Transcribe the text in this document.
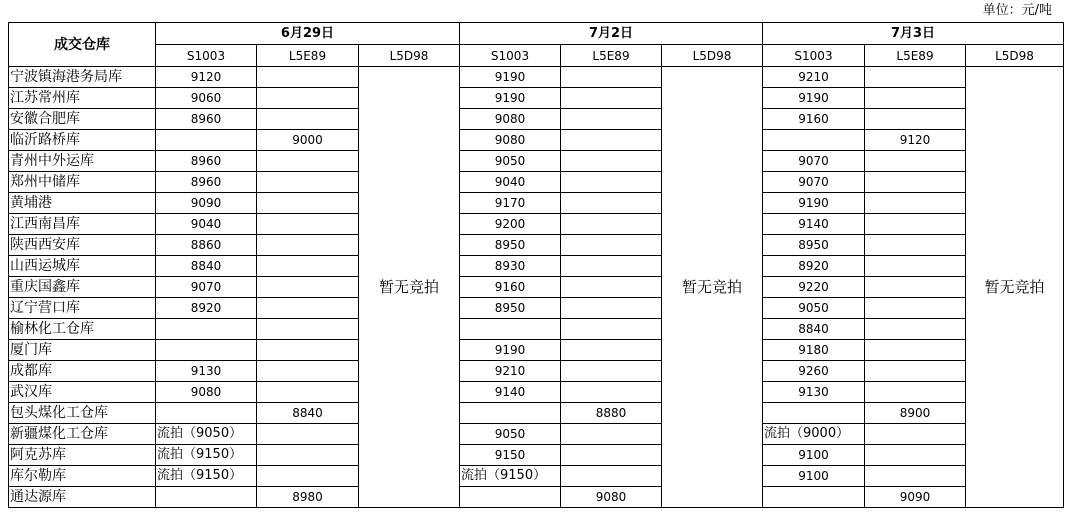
单位：元/吨
成交仓库	6月29日			7月2日			7月3日		
	S1003	L5E89	L5D98	S1003	L5E89	L5D98	S1003	L5E89	L5D98
宁波镇海港务局库	9120		暂无竞拍	9190		暂无竞拍	9210		暂无竞拍
江苏常州库	9060			9190			9190		
安徽合肥库	8960			9080			9160		
临沂路桥库		9000		9080				9120	
青州中外运库	8960			9050			9070		
郑州中储库	8960			9040			9070		
黄埔港	9090			9170			9190		
江西南昌库	9040			9200			9140		
陕西西安库	8860			8950			8950		
山西运城库	8840			8930			8920		
重庆国鑫库	9070			9160			9220		
辽宁营口库	8920			8950			9050		
榆林化工仓库							8840		
厦门库				9190			9180		
成都库	9130			9210			9260		
武汉库	9080			9140			9130		
包头煤化工仓库		8840			8880			8900	
新疆煤化工仓库	流拍（9050）			9050			流拍（9000）		
阿克苏库	流拍（9150）			9150			9100		
库尔勒库	流拍（9150）			流拍（9150）			9100		
通达源库		8980			9080			9090	
